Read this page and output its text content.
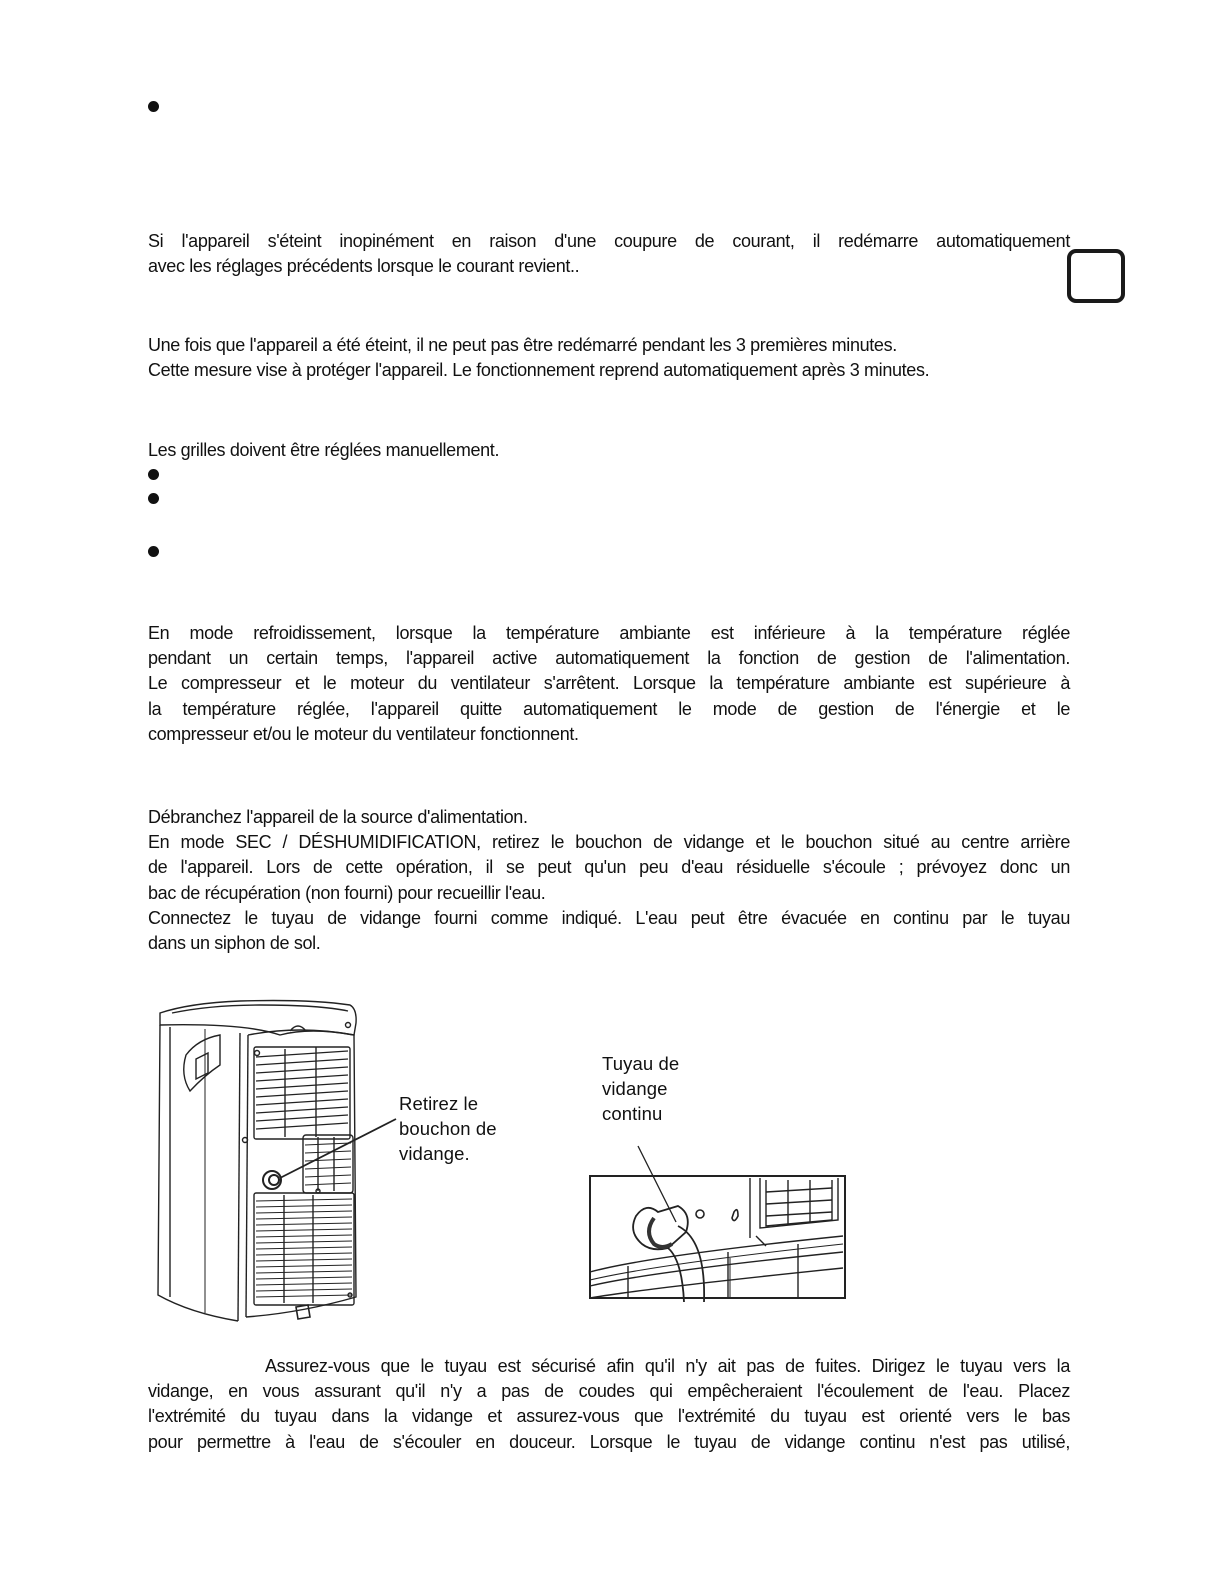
Si l'appareil s'éteint inopinément en raison d'une coupure de courant, il redémarre automatiquement
avec les réglages précédents lorsque le courant revient..
Une fois que l'appareil a été éteint, il ne peut pas être redémarré pendant les 3 premières minutes.
Cette mesure vise à protéger l'appareil. Le fonctionnement reprend automatiquement après 3 minutes.
Les grilles doivent être réglées manuellement.
En mode refroidissement, lorsque la température ambiante est inférieure à la température réglée
pendant un certain temps, l'appareil active automatiquement la fonction de gestion de l'alimentation.
Le compresseur et le moteur du ventilateur s'arrêtent. Lorsque la température ambiante est supérieure à
la température réglée, l'appareil quitte automatiquement le mode de gestion de l'énergie et le
compresseur et/ou le moteur du ventilateur fonctionnent.
Débranchez l'appareil de la source d'alimentation.
En mode SEC / DÉSHUMIDIFICATION, retirez le bouchon de vidange et le bouchon situé au centre arrière
de l'appareil. Lors de cette opération, il se peut qu'un peu d'eau résiduelle s'écoule ; prévoyez donc un
bac de récupération (non fourni) pour recueillir l'eau.
Connectez le tuyau de vidange fourni comme indiqué. L'eau peut être évacuée en continu par le tuyau
dans un siphon de sol.
Retirez le
bouchon de
vidange.
Tuyau de
vidange
continu
Assurez-vous que le tuyau est sécurisé afin qu'il n'y ait pas de fuites. Dirigez le tuyau vers la
vidange, en vous assurant qu'il n'y a pas de coudes qui empêcheraient l'écoulement de l'eau. Placez
l'extrémité du tuyau dans la vidange et assurez-vous que l'extrémité du tuyau est orienté vers le bas
pour permettre à l'eau de s'écouler en douceur. Lorsque le tuyau de vidange continu n'est pas utilisé,
